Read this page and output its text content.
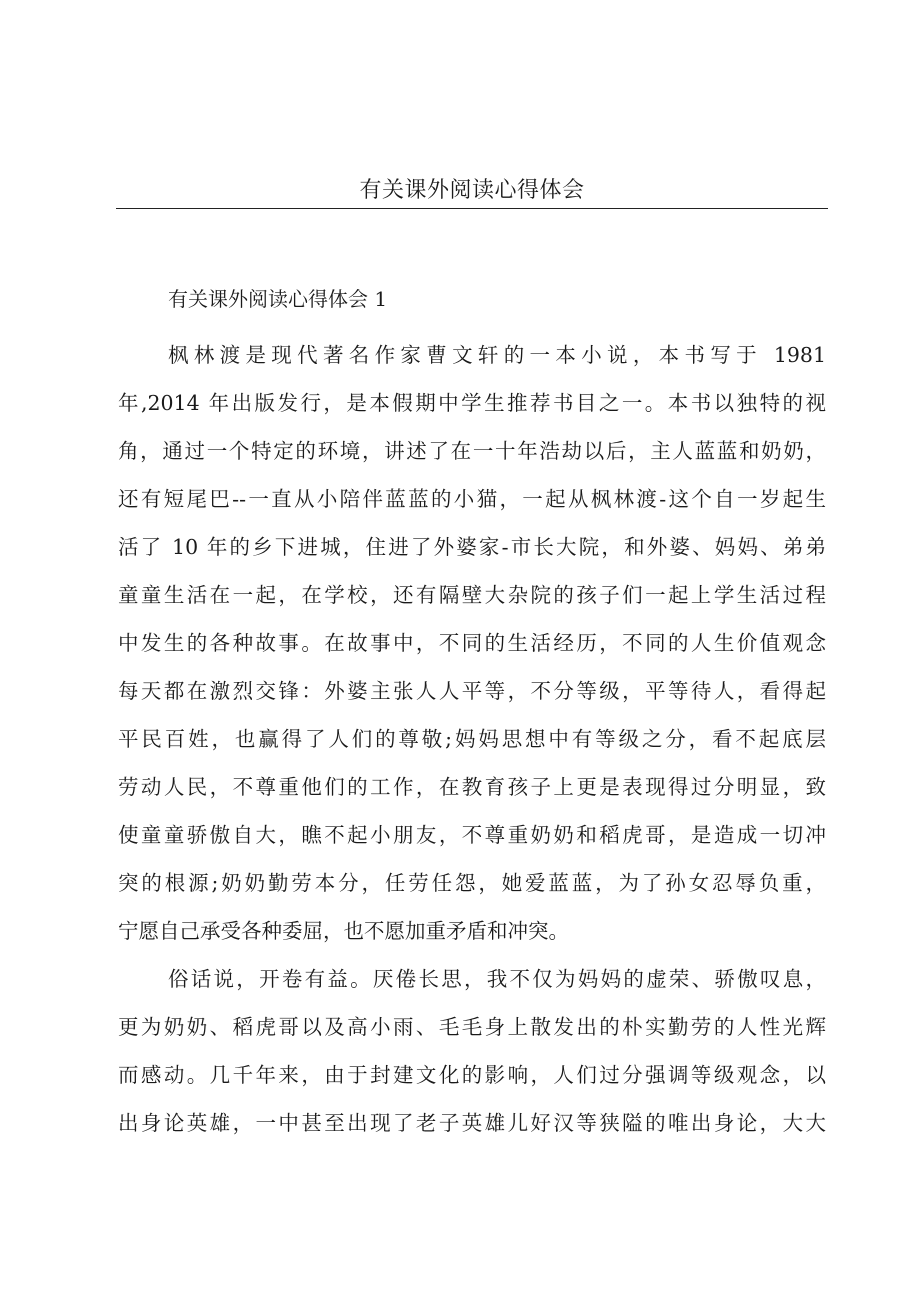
有关课外阅读心得体会
有关课外阅读心得体会 1

枫林渡是现代著名作家曹文轩的一本小说，本书写于 1981
年,2014 年出版发行，是本假期中学生推荐书目之一。本书以独特的视
角，通过一个特定的环境，讲述了在一十年浩劫以后，主人蓝蓝和奶奶，
还有短尾巴--一直从小陪伴蓝蓝的小猫，一起从枫林渡-这个自一岁起生
活了 10 年的乡下进城，住进了外婆家-市长大院，和外婆、妈妈、弟弟
童童生活在一起，在学校，还有隔壁大杂院的孩子们一起上学生活过程
中发生的各种故事。在故事中，不同的生活经历，不同的人生价值观念
每天都在激烈交锋：外婆主张人人平等，不分等级，平等待人，看得起
平民百姓，也赢得了人们的尊敬;妈妈思想中有等级之分，看不起底层
劳动人民，不尊重他们的工作，在教育孩子上更是表现得过分明显，致
使童童骄傲自大，瞧不起小朋友，不尊重奶奶和稻虎哥，是造成一切冲
突的根源;奶奶勤劳本分，任劳任怨，她爱蓝蓝，为了孙女忍辱负重，
宁愿自己承受各种委屈，也不愿加重矛盾和冲突。

俗话说，开卷有益。厌倦长思，我不仅为妈妈的虚荣、骄傲叹息，
更为奶奶、稻虎哥以及高小雨、毛毛身上散发出的朴实勤劳的人性光辉
而感动。几千年来，由于封建文化的影响，人们过分强调等级观念，以
出身论英雄，一中甚至出现了老子英雄儿好汉等狭隘的唯出身论，大大
